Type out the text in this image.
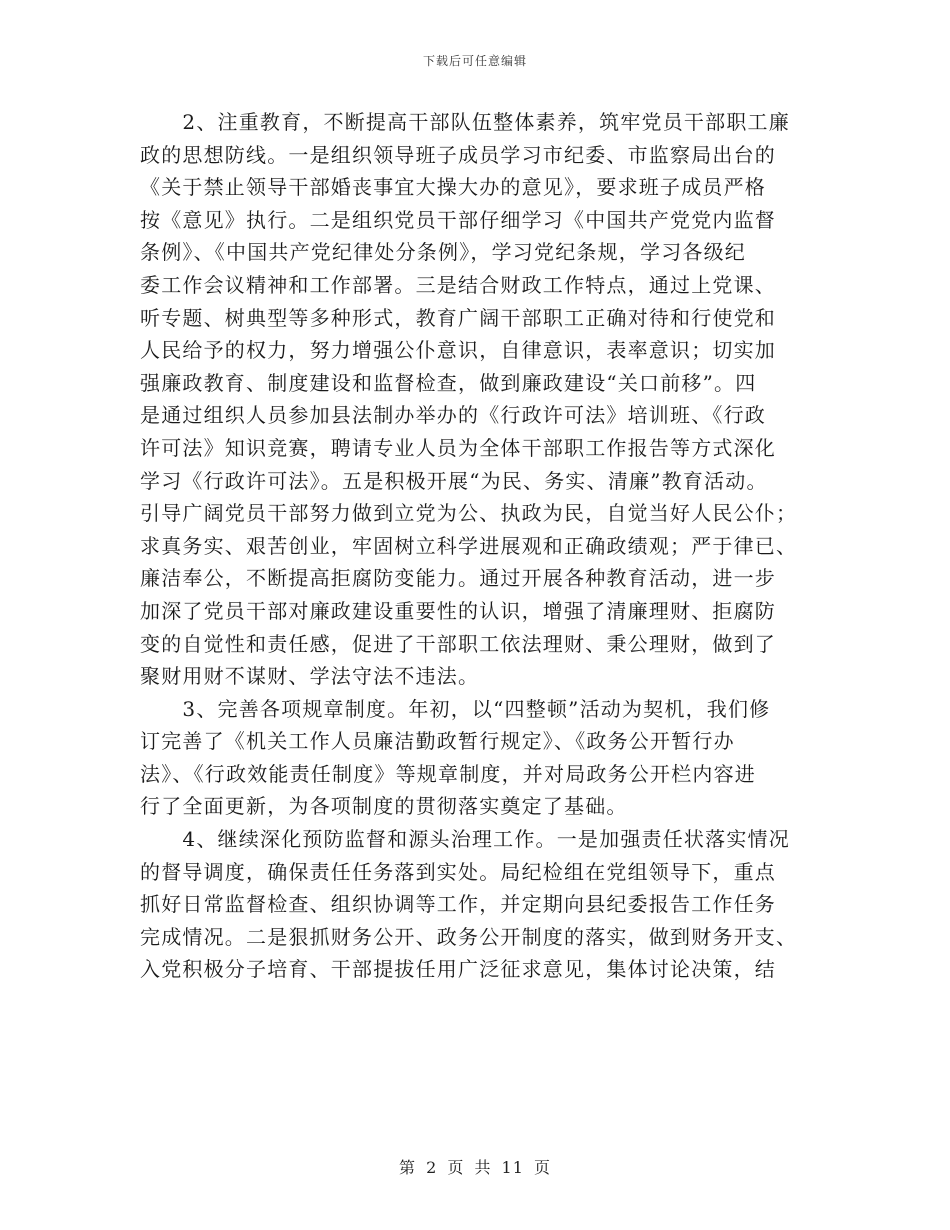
下载后可任意编辑
　　2、注重教育，不断提高干部队伍整体素养，筑牢党员干部职工廉
政的思想防线。一是组织领导班子成员学习市纪委、市监察局出台的
《关于禁止领导干部婚丧事宜大操大办的意见》，要求班子成员严格
按《意见》执行。二是组织党员干部仔细学习《中国共产党党内监督
条例》、《中国共产党纪律处分条例》，学习党纪条规，学习各级纪
委工作会议精神和工作部署。三是结合财政工作特点，通过上党课、
听专题、树典型等多种形式，教育广阔干部职工正确对待和行使党和
人民给予的权力，努力增强公仆意识，自律意识，表率意识；切实加
强廉政教育、制度建设和监督检查，做到廉政建设“关口前移”。四
是通过组织人员参加县法制办举办的《行政许可法》培训班、《行政
许可法》知识竞赛，聘请专业人员为全体干部职工作报告等方式深化
学习《行政许可法》。五是积极开展“为民、务实、清廉”教育活动。
引导广阔党员干部努力做到立党为公、执政为民，自觉当好人民公仆；
求真务实、艰苦创业，牢固树立科学进展观和正确政绩观；严于律已、
廉洁奉公，不断提高拒腐防变能力。通过开展各种教育活动，进一步
加深了党员干部对廉政建设重要性的认识，增强了清廉理财、拒腐防
变的自觉性和责任感，促进了干部职工依法理财、秉公理财，做到了
聚财用财不谋财、学法守法不违法。
　　3、完善各项规章制度。年初，以“四整顿”活动为契机，我们修
订完善了《机关工作人员廉洁勤政暂行规定》、《政务公开暂行办
法》、《行政效能责任制度》等规章制度，并对局政务公开栏内容进
行了全面更新，为各项制度的贯彻落实奠定了基础。
　　4、继续深化预防监督和源头治理工作。一是加强责任状落实情况
的督导调度，确保责任任务落到实处。局纪检组在党组领导下，重点
抓好日常监督检查、组织协调等工作，并定期向县纪委报告工作任务
完成情况。二是狠抓财务公开、政务公开制度的落实，做到财务开支、
入党积极分子培育、干部提拔任用广泛征求意见，集体讨论决策，结
第 2 页 共 11 页
